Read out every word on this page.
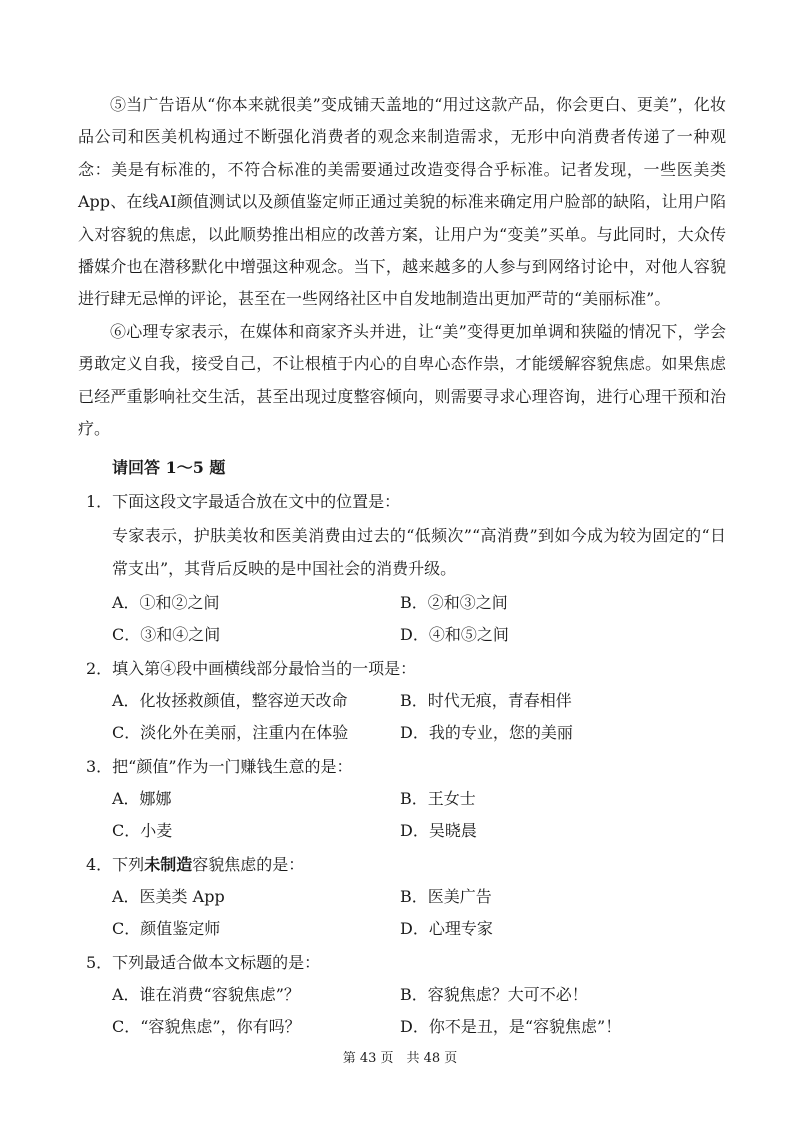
⑤当广告语从“你本来就很美”变成铺天盖地的“用过这款产品，你会更白、更美”，化妆品公司和医美机构通过不断强化消费者的观念来制造需求，无形中向消费者传递了一种观念：美是有标准的，不符合标准的美需要通过改造变得合乎标准。记者发现，一些医美类App、在线AI颜值测试以及颜值鉴定师正通过美貌的标准来确定用户脸部的缺陷，让用户陷入对容貌的焦虑，以此顺势推出相应的改善方案，让用户为“变美”买单。与此同时，大众传播媒介也在潜移默化中增强这种观念。当下，越来越多的人参与到网络讨论中，对他人容貌进行肆无忌惮的评论，甚至在一些网络社区中自发地制造出更加严苛的“美丽标准”。

⑥心理专家表示，在媒体和商家齐头并进，让“美”变得更加单调和狭隘的情况下，学会勇敢定义自我，接受自己，不让根植于内心的自卑心态作祟，才能缓解容貌焦虑。如果焦虑已经严重影响社交生活，甚至出现过度整容倾向，则需要寻求心理咨询，进行心理干预和治疗。

请回答 1～5 题
1．下面这段文字最适合放在文中的位置是：

专家表示，护肤美妆和医美消费由过去的“低频次”“高消费”到如今成为较为固定的“日常支出”，其背后反映的是中国社会的消费升级。

A．①和②之间	B．②和③之间
C．③和④之间	D．④和⑤之间
2．填入第④段中画横线部分最恰当的一项是：
A．化妆拯救颜值，整容逆天改命	B．时代无痕，青春相伴
C．淡化外在美丽，注重内在体验	D．我的专业，您的美丽
3．把“颜值”作为一门赚钱生意的是：
A．娜娜	B．王女士
C．小麦	D．吴晓晨
4．下列未制造容貌焦虑的是：
A．医美类 App	B．医美广告
C．颜值鉴定师	D．心理专家
5．下列最适合做本文标题的是：
A．谁在消费“容貌焦虑”？	B．容貌焦虑？大可不必！
C．“容貌焦虑”，你有吗？	D．你不是丑，是“容貌焦虑”！
第 43 页　共 48 页
